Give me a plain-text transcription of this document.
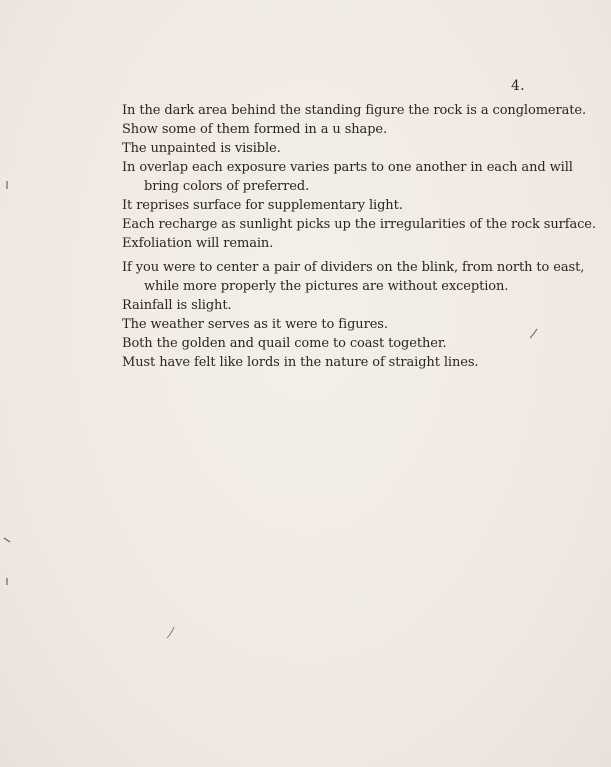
4.
In the dark area behind the standing figure the rock is a conglomerate.
Show some of them formed in a u shape.
The unpainted is visible.
In overlap each exposure varies parts to one another in each and will
bring colors of preferred.
It reprises surface for supplementary light.
Each recharge as sunlight picks up the irregularities of the rock surface.
Exfoliation will remain.
If you were to center a pair of dividers on the blink, from north to east,
while more properly the pictures are without exception.
Rainfall is slight.
The weather serves as it were to figures.
Both the golden and quail come to coast together.
Must have felt like lords in the nature of straight lines.
